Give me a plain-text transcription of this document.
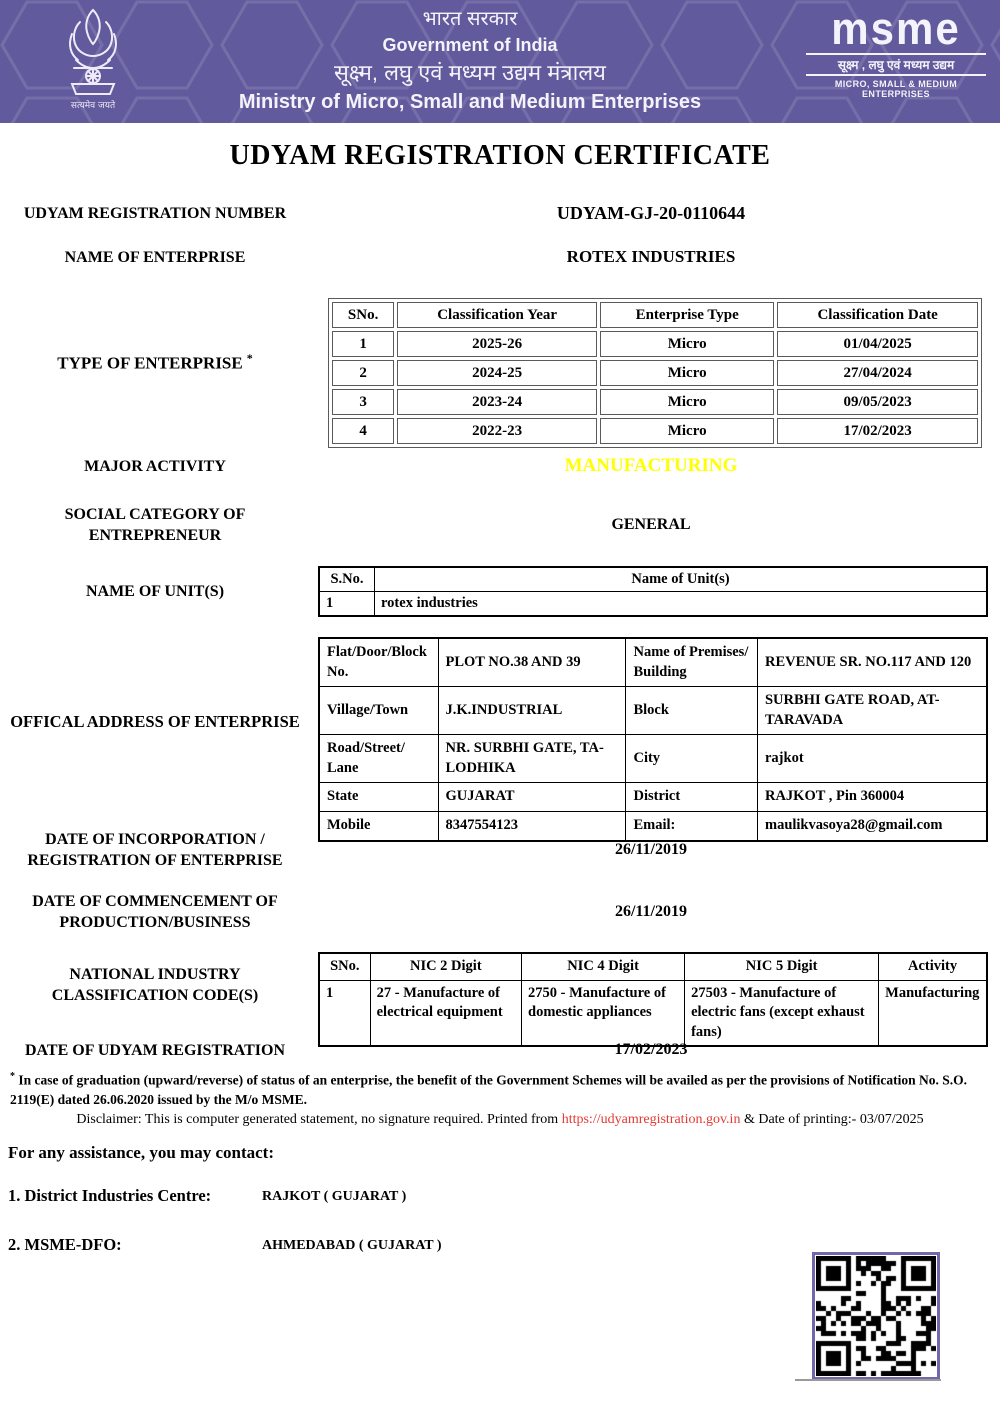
सत्यमेव जयते
भारत सरकार
Government of India
सूक्ष्म, लघु एवं मध्यम उद्यम मंत्रालय
Ministry of Micro, Small and Medium Enterprises
msme
सूक्ष्म , लघु एवं मध्यम उद्यम
MICRO, SMALL & MEDIUM ENTERPRISES
UDYAM REGISTRATION CERTIFICATE
UDYAM REGISTRATION NUMBER	UDYAM-GJ-20-0110644
NAME OF ENTERPRISE	ROTEX INDUSTRIES
TYPE OF ENTERPRISE *
SNo.	Classification Year	Enterprise Type	Classification Date
1	2025-26	Micro	01/04/2025
2	2024-25	Micro	27/04/2024
3	2023-24	Micro	09/05/2023
4	2022-23	Micro	17/02/2023
MAJOR ACTIVITY	MANUFACTURING
SOCIAL CATEGORY OF ENTREPRENEUR
GENERAL
NAME OF UNIT(S)
S.No.	Name of Unit(s)
1	rotex industries
OFFICAL ADDRESS OF ENTERPRISE
Flat/Door/Block No.	PLOT NO.38 AND 39	Name of Premises/ Building	REVENUE SR. NO.117 AND 120
Village/Town	J.K.INDUSTRIAL	Block	SURBHI GATE ROAD, AT-TARAVADA
Road/Street/ Lane	NR. SURBHI GATE, TA-LODHIKA	City	rajkot
State	GUJARAT	District	RAJKOT , Pin 360004
Mobile	8347554123	Email:	maulikvasoya28@gmail.com
DATE OF INCORPORATION / REGISTRATION OF ENTERPRISE
26/11/2019
DATE OF COMMENCEMENT OF PRODUCTION/BUSINESS
26/11/2019
NATIONAL INDUSTRY CLASSIFICATION CODE(S)
SNo.	NIC 2 Digit	NIC 4 Digit	NIC 5 Digit	Activity
1	27 - Manufacture of electrical equipment	2750 - Manufacture of domestic appliances	27503 - Manufacture of electric fans (except exhaust fans)	Manufacturing
DATE OF UDYAM REGISTRATION	17/02/2023
* In case of graduation (upward/reverse) of status of an enterprise, the benefit of the Government Schemes will be availed as per the provisions of Notification No. S.O. 2119(E) dated 26.06.2020 issued by the M/o MSME.
Disclaimer: This is computer generated statement, no signature required. Printed from https://udyamregistration.gov.in & Date of printing:- 03/07/2025
For any assistance, you may contact:
1. District Industries Centre:	RAJKOT ( GUJARAT )
2. MSME-DFO:	AHMEDABAD ( GUJARAT )
